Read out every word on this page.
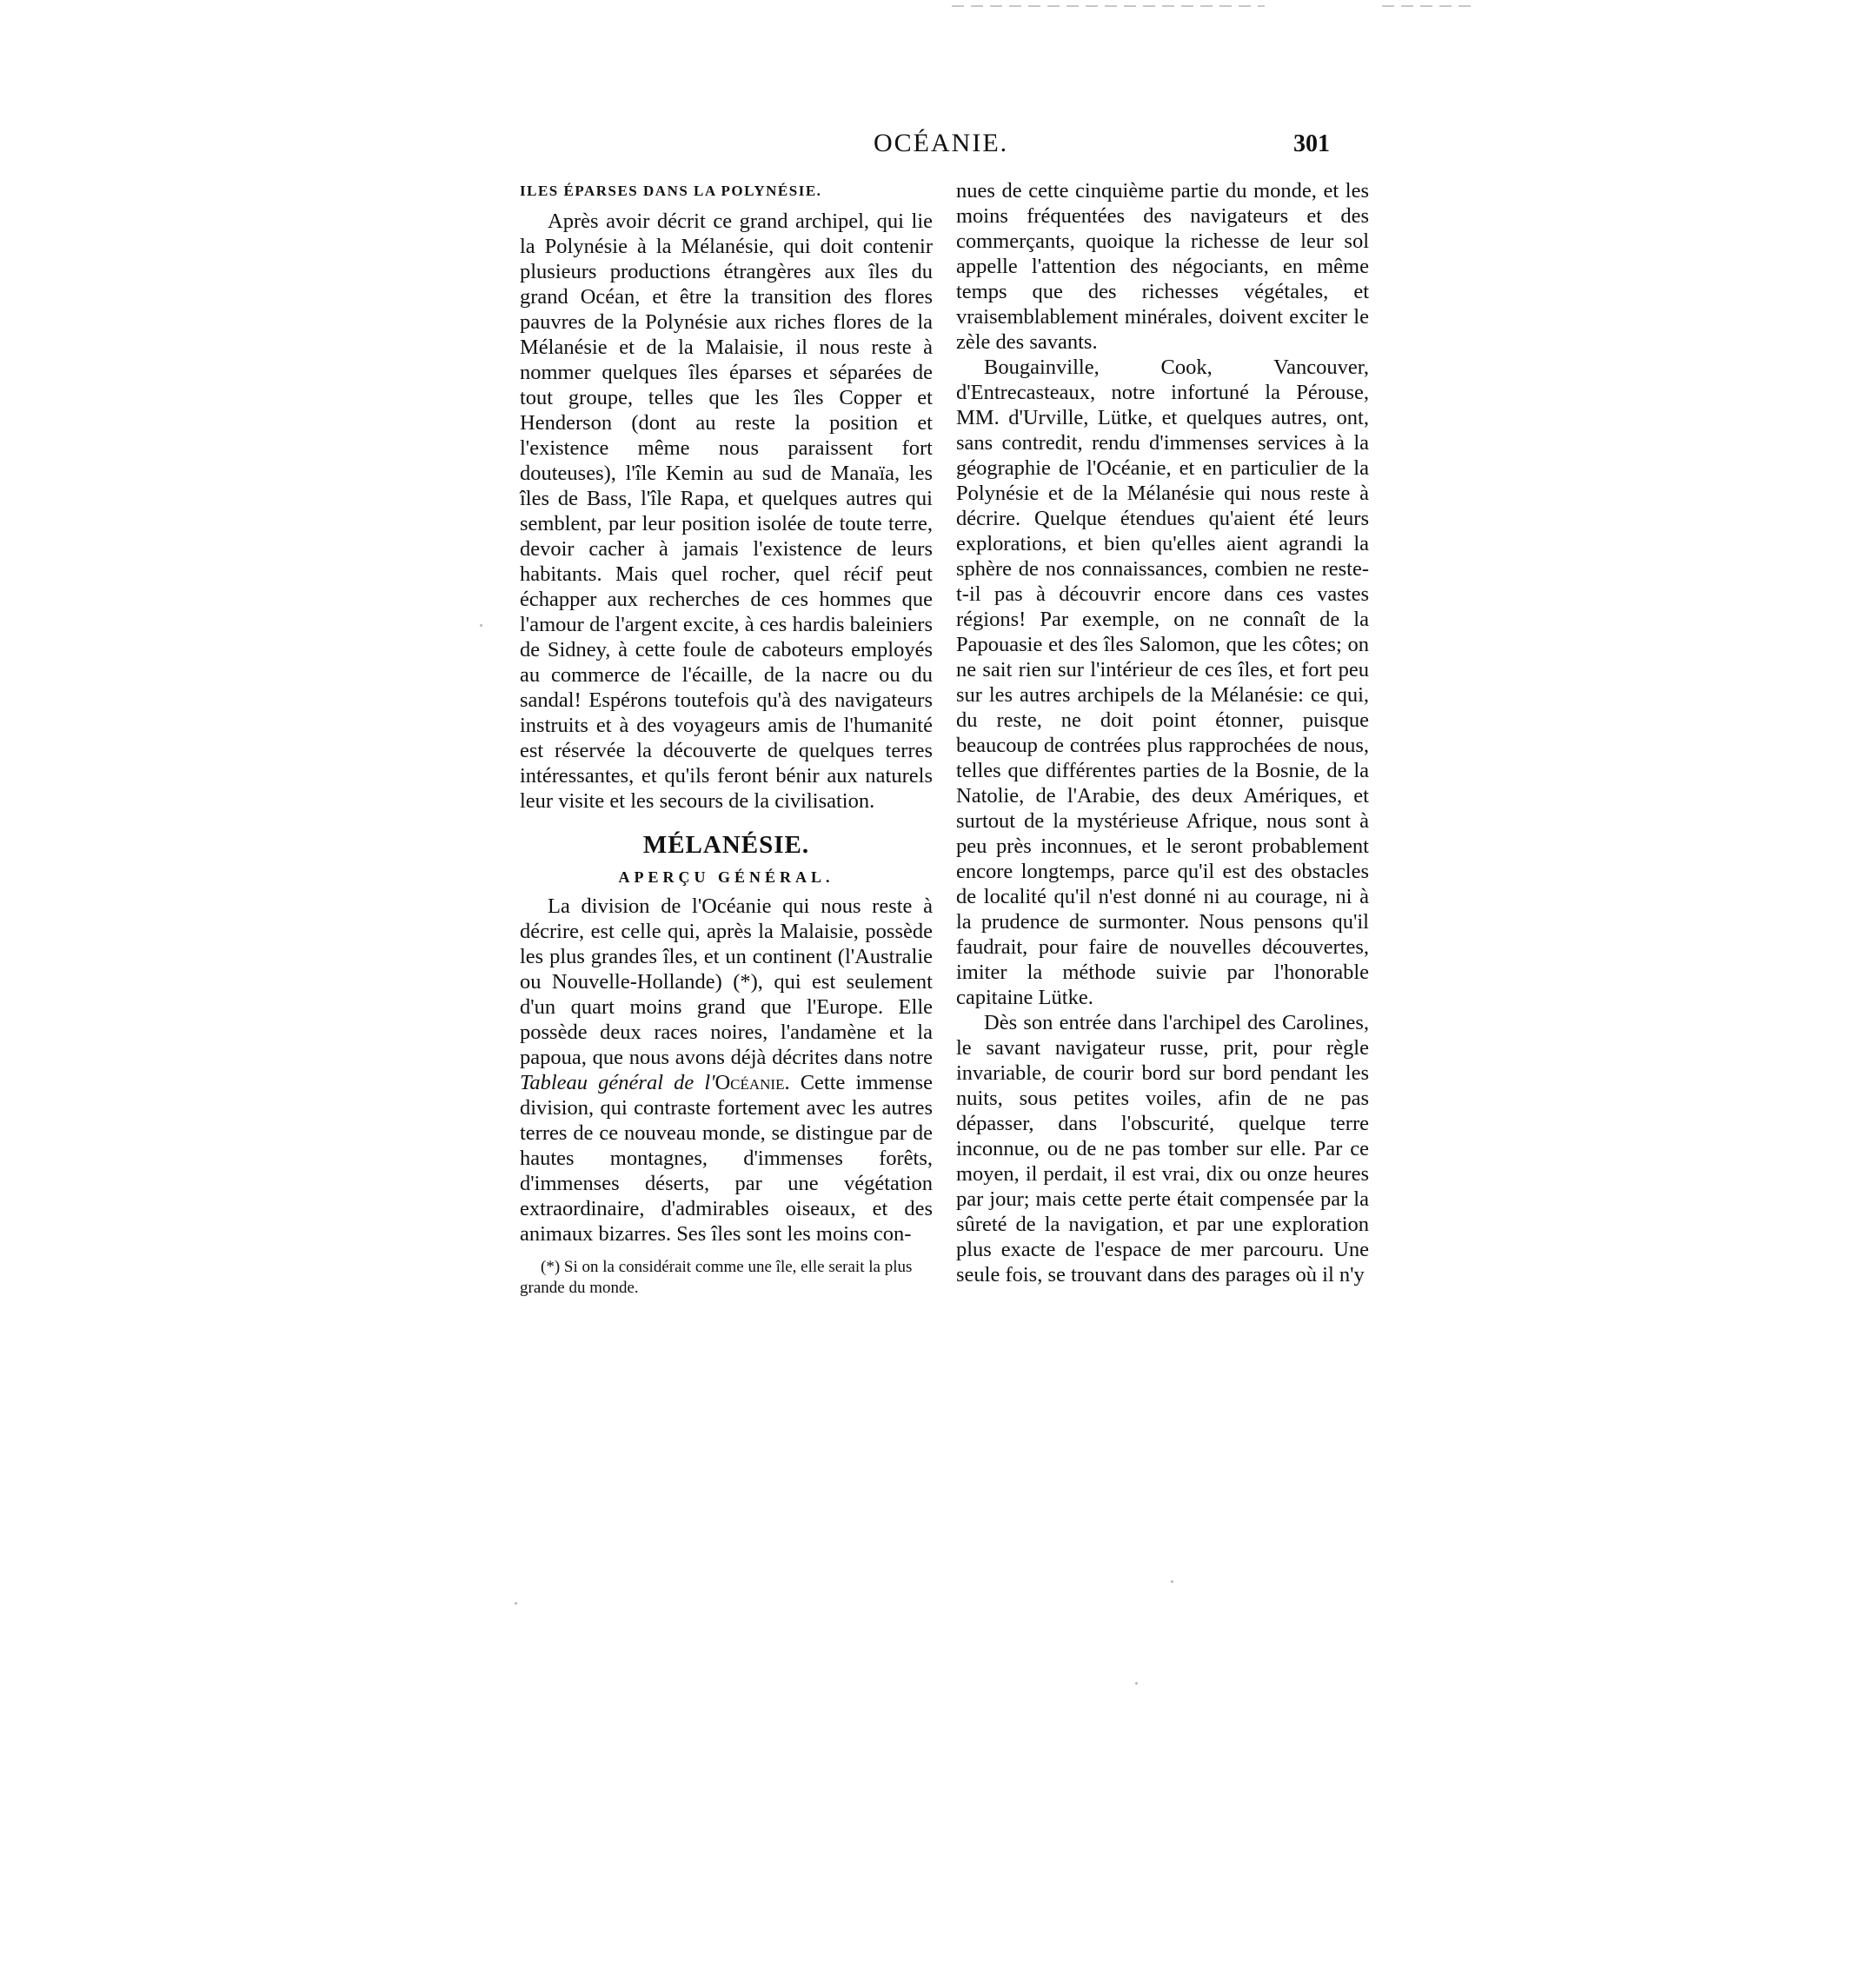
OCÉANIE.	301
ILES ÉPARSES DANS LA POLYNÉSIE.

Après avoir décrit ce grand archipel, qui lie la Polynésie à la Mélanésie, qui doit contenir plusieurs productions étrangères aux îles du grand Océan, et être la transition des flores pauvres de la Polynésie aux riches flores de la Mélanésie et de la Malaisie, il nous reste à nommer quelques îles éparses et séparées de tout groupe, telles que les îles Copper et Henderson (dont au reste la position et l'existence même nous paraissent fort douteuses), l'île Kemin au sud de Manaïa, les îles de Bass, l'île Rapa, et quelques autres qui semblent, par leur position isolée de toute terre, devoir cacher à jamais l'existence de leurs habitants. Mais quel rocher, quel récif peut échapper aux recherches de ces hommes que l'amour de l'argent excite, à ces hardis baleiniers de Sidney, à cette foule de caboteurs employés au commerce de l'écaille, de la nacre ou du sandal! Espérons toutefois qu'à des navigateurs instruits et à des voyageurs amis de l'humanité est réservée la découverte de quelques terres intéressantes, et qu'ils feront bénir aux naturels leur visite et les secours de la civilisation.

MÉLANÉSIE.
APERÇU GÉNÉRAL.

La division de l'Océanie qui nous reste à décrire, est celle qui, après la Malaisie, possède les plus grandes îles, et un continent (l'Australie ou Nouvelle-Hollande) (*), qui est seulement d'un quart moins grand que l'Europe. Elle possède deux races noires, l'andamène et la papoua, que nous avons déjà décrites dans notre Tableau général de l'Océanie. Cette immense division, qui contraste fortement avec les autres terres de ce nouveau monde, se distingue par de hautes montagnes, d'immenses forêts, d'immenses déserts, par une végétation extraordinaire, d'admirables oiseaux, et des animaux bizarres. Ses îles sont les moins con-

(*) Si on la considérait comme une île, elle serait la plus grande du monde.

nues de cette cinquième partie du monde, et les moins fréquentées des navigateurs et des commerçants, quoique la richesse de leur sol appelle l'attention des négociants, en même temps que des richesses végétales, et vraisemblablement minérales, doivent exciter le zèle des savants.

Bougainville, Cook, Vancouver, d'Entrecasteaux, notre infortuné la Pérouse, MM. d'Urville, Lütke, et quelques autres, ont, sans contredit, rendu d'immenses services à la géographie de l'Océanie, et en particulier de la Polynésie et de la Mélanésie qui nous reste à décrire. Quelque étendues qu'aient été leurs explorations, et bien qu'elles aient agrandi la sphère de nos connaissances, combien ne reste-t-il pas à découvrir encore dans ces vastes régions! Par exemple, on ne connaît de la Papouasie et des îles Salomon, que les côtes; on ne sait rien sur l'intérieur de ces îles, et fort peu sur les autres archipels de la Mélanésie: ce qui, du reste, ne doit point étonner, puisque beaucoup de contrées plus rapprochées de nous, telles que différentes parties de la Bosnie, de la Natolie, de l'Arabie, des deux Amériques, et surtout de la mystérieuse Afrique, nous sont à peu près inconnues, et le seront probablement encore longtemps, parce qu'il est des obstacles de localité qu'il n'est donné ni au courage, ni à la prudence de surmonter. Nous pensons qu'il faudrait, pour faire de nouvelles découvertes, imiter la méthode suivie par l'honorable capitaine Lütke.

Dès son entrée dans l'archipel des Carolines, le savant navigateur russe, prit, pour règle invariable, de courir bord sur bord pendant les nuits, sous petites voiles, afin de ne pas dépasser, dans l'obscurité, quelque terre inconnue, ou de ne pas tomber sur elle. Par ce moyen, il perdait, il est vrai, dix ou onze heures par jour; mais cette perte était compensée par la sûreté de la navigation, et par une exploration plus exacte de l'espace de mer parcouru. Une seule fois, se trouvant dans des parages où il n'y
